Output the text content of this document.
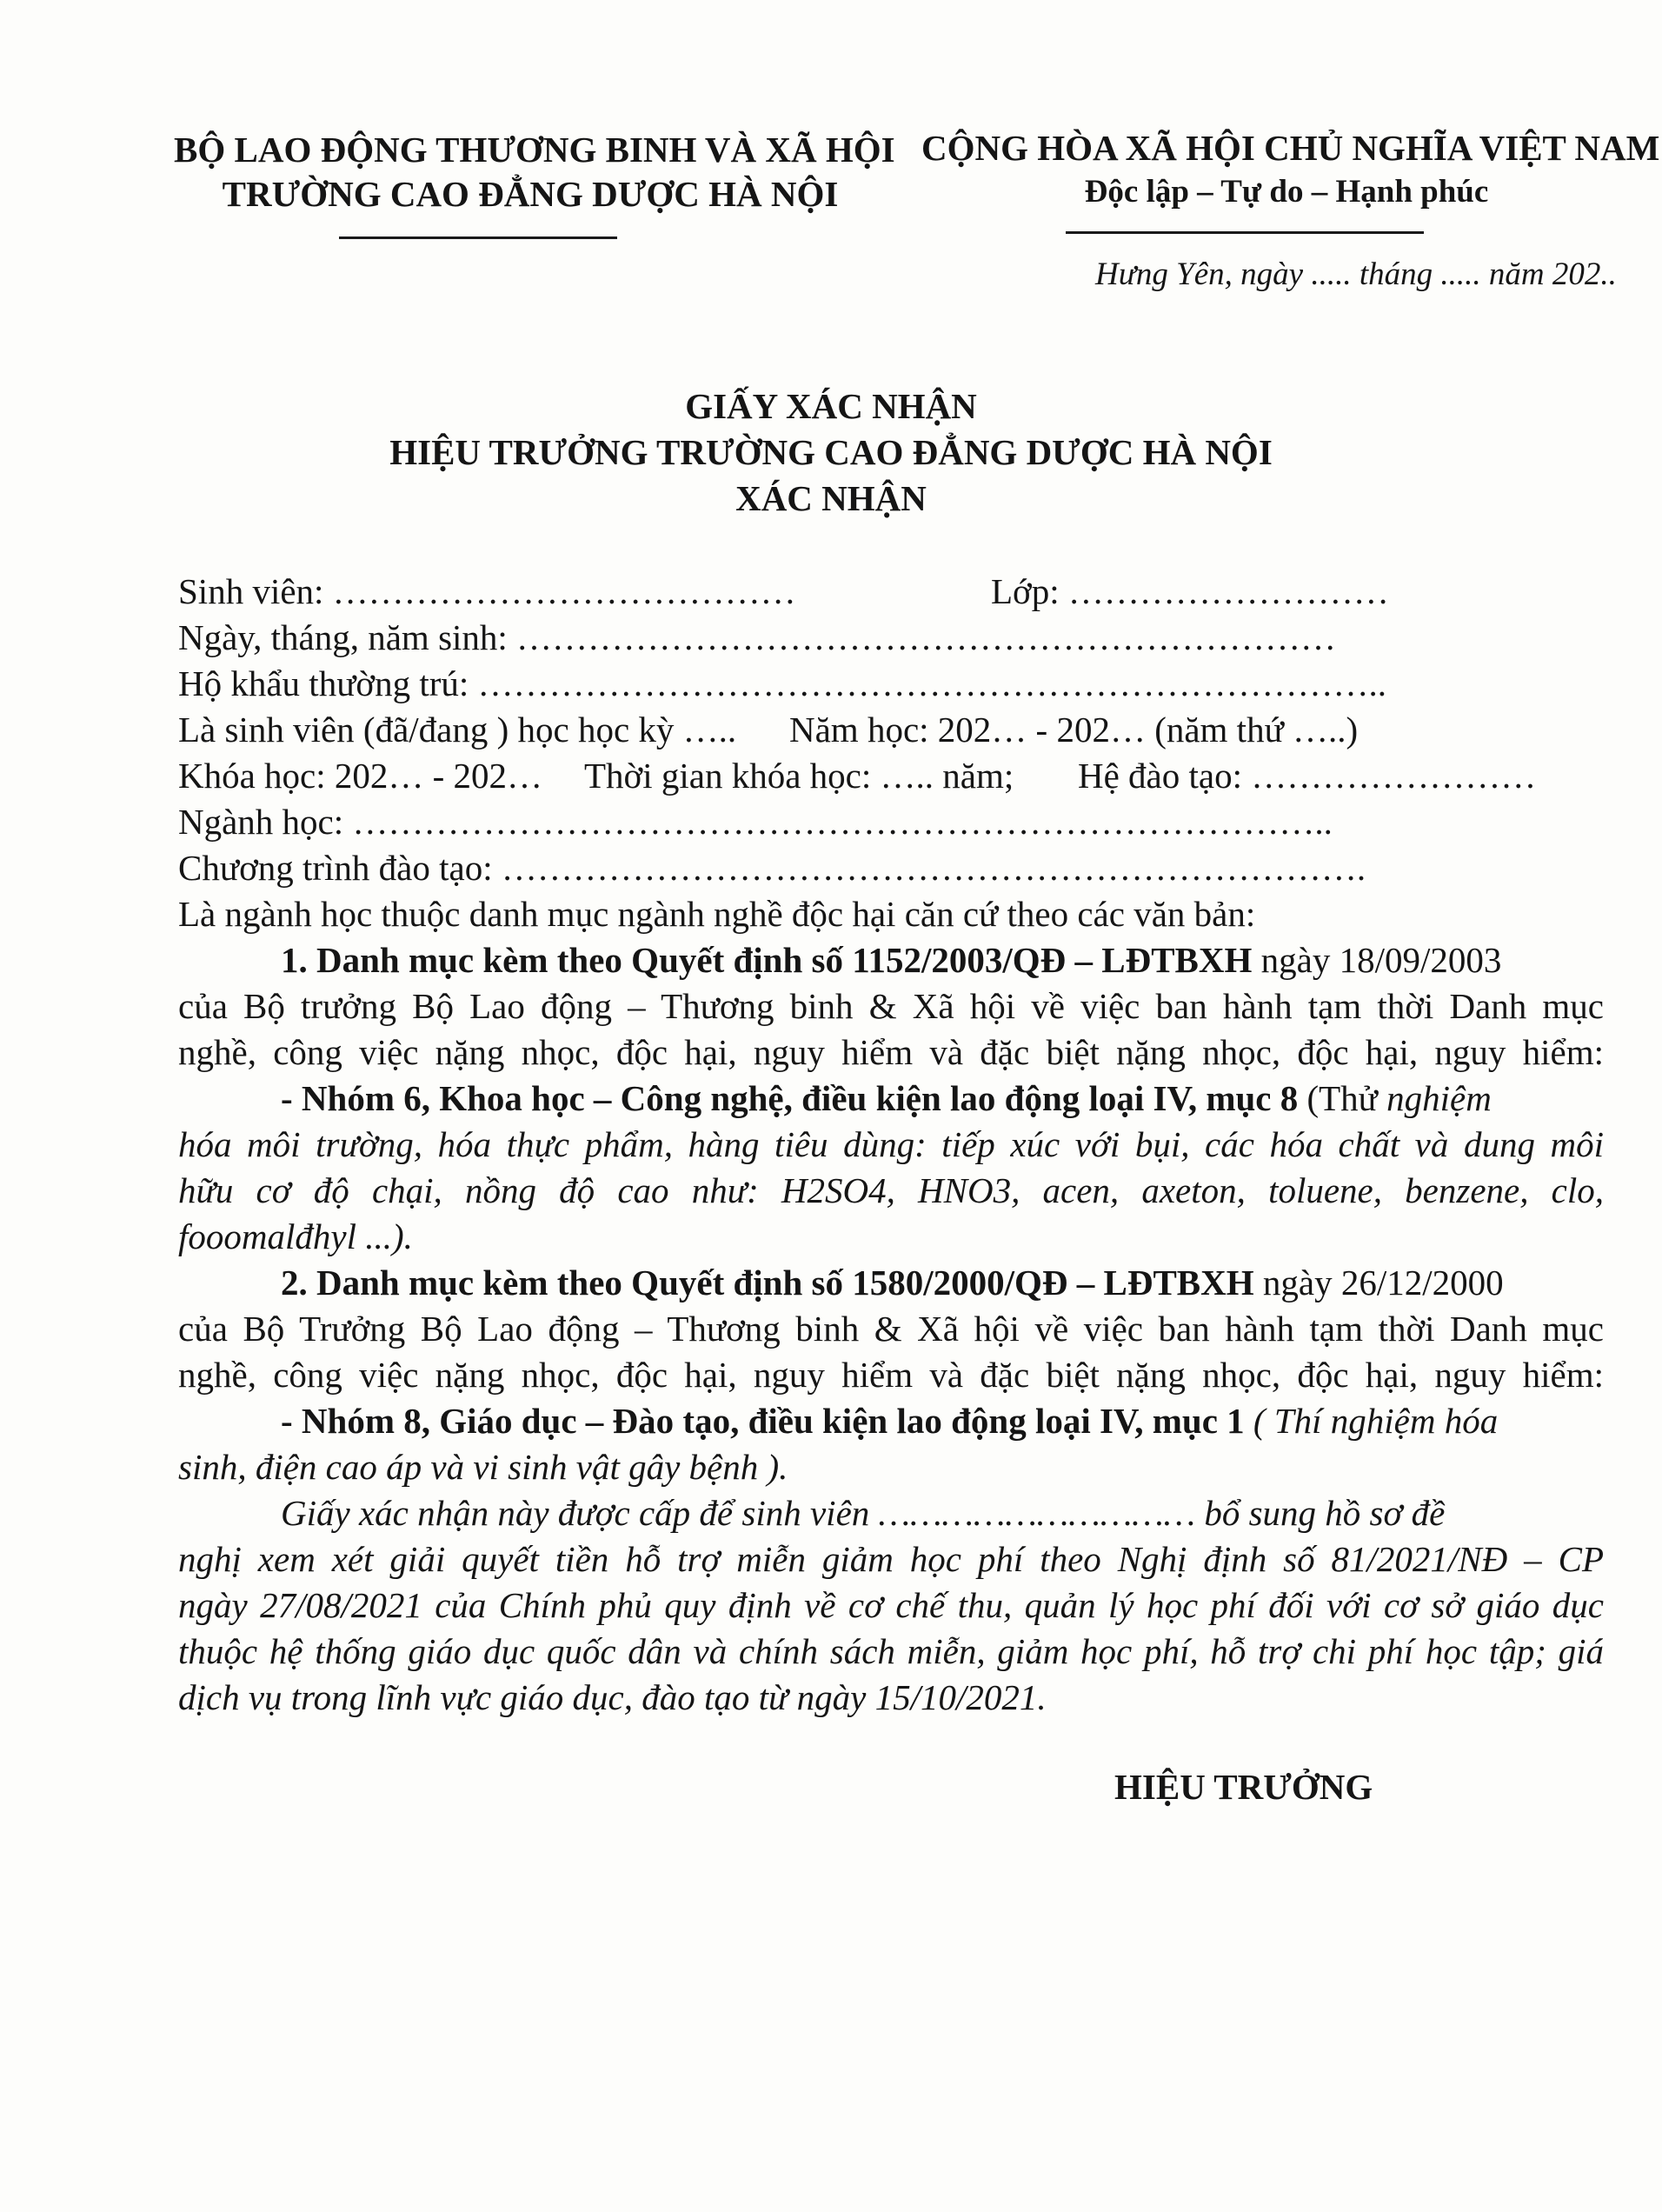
BỘ LAO ĐỘNG THƯƠNG BINH VÀ XÃ HỘI
TRƯỜNG CAO ĐẲNG DƯỢC HÀ NỘI
CỘNG HÒA XÃ HỘI CHỦ NGHĨA VIỆT NAM
Độc lập – Tự do – Hạnh phúc
Hưng Yên, ngày ..... tháng ..... năm 202..
GIẤY XÁC NHẬN
HIỆU TRƯỞNG TRƯỜNG CAO ĐẲNG DƯỢC HÀ NỘI
XÁC NHẬN
Sinh viên: …………………………………	Lớp: ………………………
Ngày, tháng, năm sinh: ……………………………………………………………
Hộ khẩu thường trú: …………………………………………………………………..
Là sinh viên (đã/đang ) học học kỳ ….. Năm học: 202… - 202… (năm thứ …..)
Khóa học: 202… - 202… Thời gian khóa học: ….. năm; Hệ đào tạo: ……………………
Ngành học: ………………………………………………………………………..
Chương trình đào tạo: ……………………………………………………………….
Là ngành học thuộc danh mục ngành nghề độc hại căn cứ theo các văn bản:
1. Danh mục kèm theo Quyết định số 1152/2003/QĐ – LĐTBXH ngày 18/09/2003
của Bộ trưởng Bộ Lao động – Thương binh & Xã hội về việc ban hành tạm thời Danh mục
nghề, công việc nặng nhọc, độc hại, nguy hiểm và đặc biệt nặng nhọc, độc hại, nguy hiểm:
- Nhóm 6, Khoa học – Công nghệ, điều kiện lao động loại IV, mục 8 (Thử nghiệm
hóa môi trường, hóa thực phẩm, hàng tiêu dùng: tiếp xúc với bụi, các hóa chất và dung môi
hữu cơ độ chại, nồng độ cao như: H2SO4, HNO3, acen, axeton, toluene, benzene, clo,
fooomalđhyl ...).
2. Danh mục kèm theo Quyết định số 1580/2000/QĐ – LĐTBXH ngày 26/12/2000
của Bộ Trưởng Bộ Lao động – Thương binh & Xã hội về việc ban hành tạm thời Danh mục
nghề, công việc nặng nhọc, độc hại, nguy hiểm và đặc biệt nặng nhọc, độc hại, nguy hiểm:
- Nhóm 8, Giáo dục – Đào tạo, điều kiện lao động loại IV, mục 1 ( Thí nghiệm hóa
sinh, điện cao áp và vi sinh vật gây bệnh ).
Giấy xác nhận này được cấp để sinh viên ………………………… bổ sung hồ sơ đề
nghị xem xét giải quyết tiền hỗ trợ miễn giảm học phí theo Nghị định số 81/2021/NĐ – CP
ngày 27/08/2021 của Chính phủ quy định về cơ chế thu, quản lý học phí đối với cơ sở giáo dục
thuộc hệ thống giáo dục quốc dân và chính sách miễn, giảm học phí, hỗ trợ chi phí học tập; giá
dịch vụ trong lĩnh vực giáo dục, đào tạo từ ngày 15/10/2021.
HIỆU TRƯỞNG
